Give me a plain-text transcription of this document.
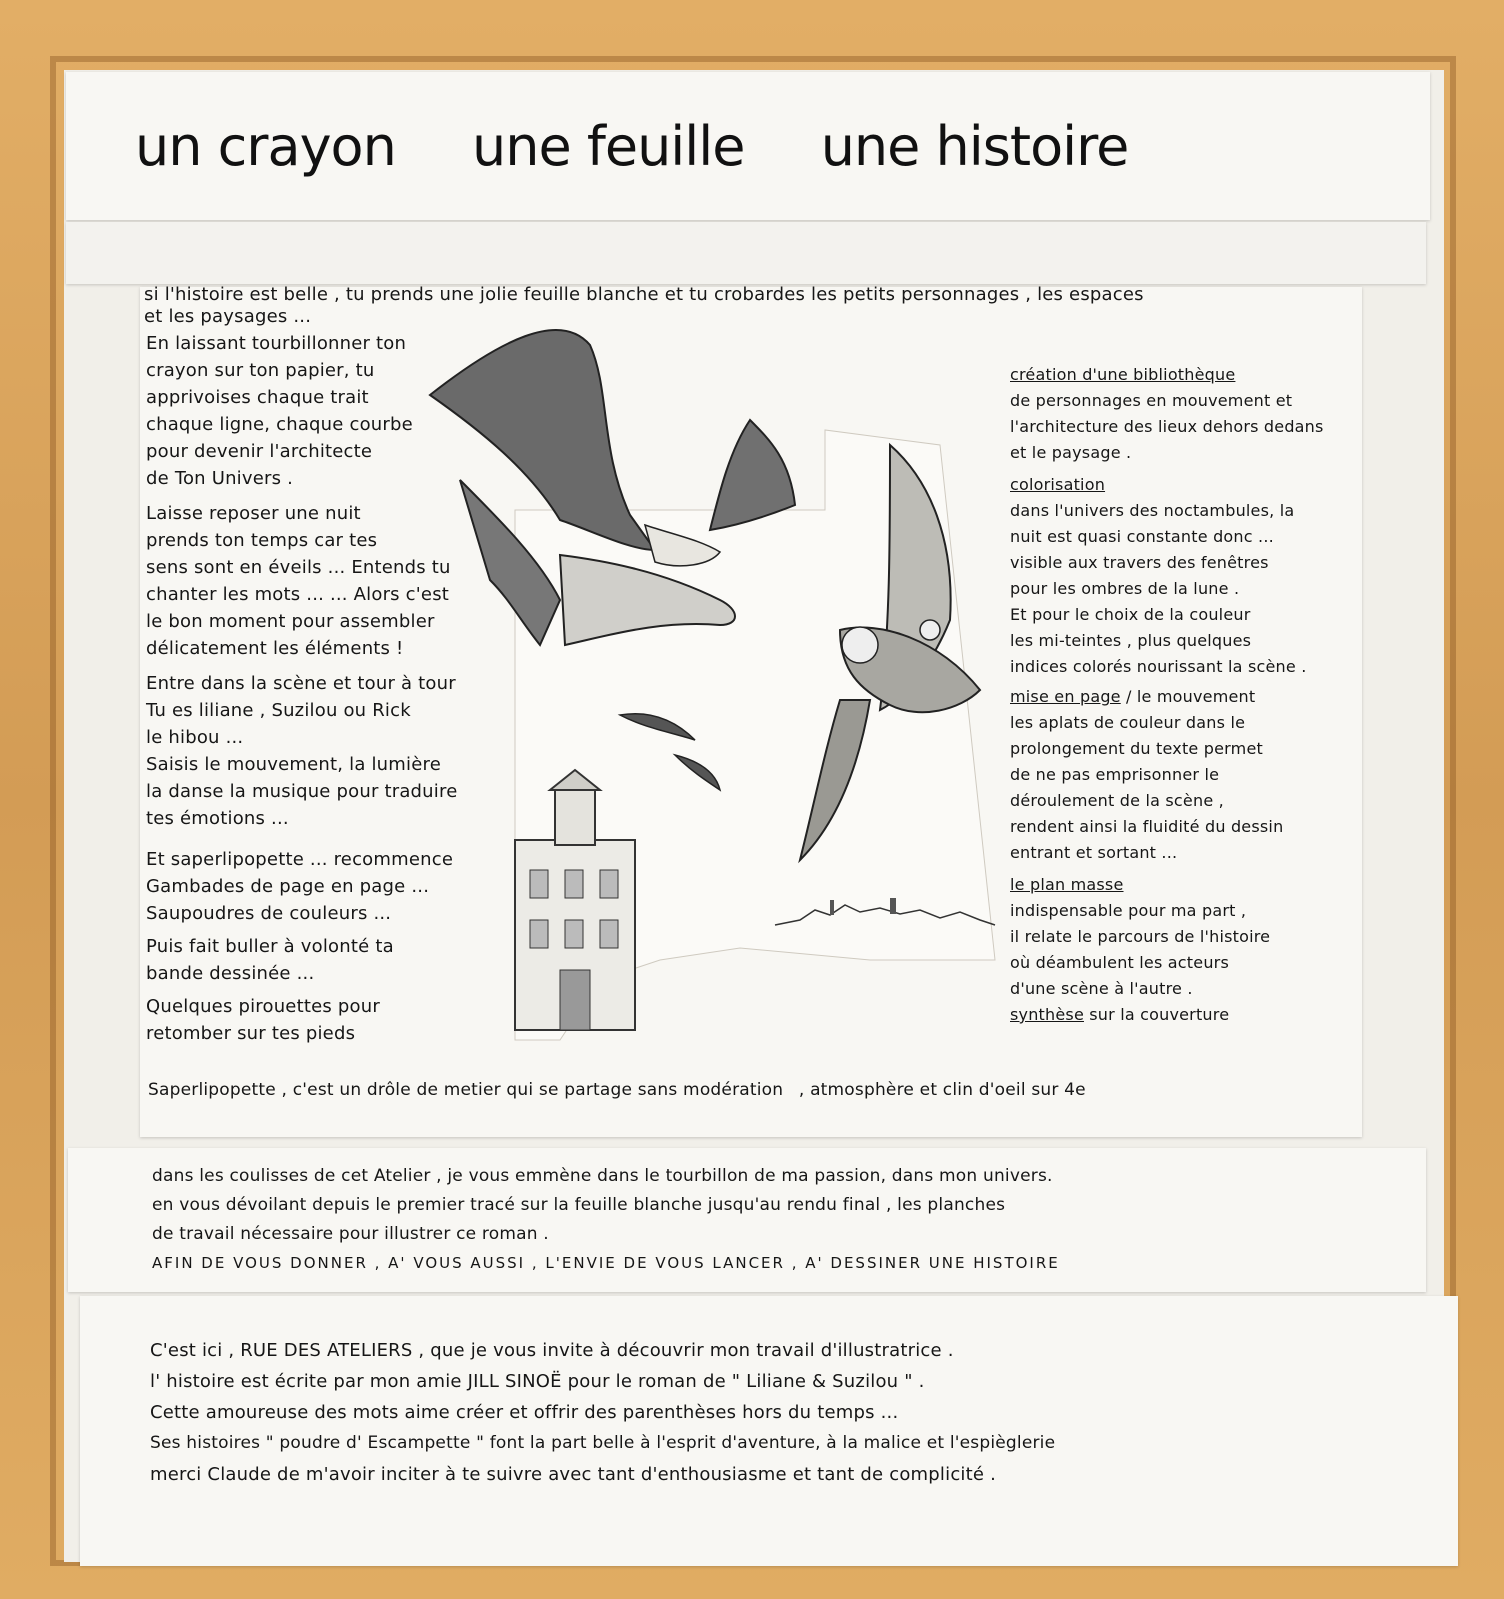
un crayon une feuille une histoire
si l'histoire est belle , tu prends une jolie feuille blanche et tu crobardes les petits personnages , les espaces
et les paysages ...
En laissant tourbillonner ton
crayon sur ton papier, tu
apprivoises chaque trait
chaque ligne, chaque courbe
pour devenir l'architecte
de Ton Univers .
Laisse reposer une nuit
prends ton temps car tes
sens sont en éveils ... Entends tu
chanter les mots ... ... Alors c'est
le bon moment pour assembler
délicatement les éléments !
Entre dans la scène et tour à tour
Tu es liliane , Suzilou ou Rick
le hibou ...
Saisis le mouvement, la lumière
la danse la musique pour traduire
tes émotions ...
Et saperlipopette ... recommence
Gambades de page en page ...
Saupoudres de couleurs ...
Puis fait buller à volonté ta
bande dessinée ...
Quelques pirouettes pour
retomber sur tes pieds
création d'une bibliothèque
de personnages en mouvement et
l'architecture des lieux dehors dedans
et le paysage .
colorisation
dans l'univers des noctambules, la
nuit est quasi constante donc ...
visible aux travers des fenêtres
pour les ombres de la lune .
Et pour le choix de la couleur
les mi-teintes , plus quelques
indices colorés nourissant la scène .
mise en page / le mouvement
les aplats de couleur dans le
prolongement du texte permet
de ne pas emprisonner le
déroulement de la scène ,
rendent ainsi la fluidité du dessin
entrant et sortant ...
le plan masse
indispensable pour ma part ,
il relate le parcours de l'histoire
où déambulent les acteurs
d'une scène à l'autre .
synthèse sur la couverture
Saperlipopette , c'est un drôle de metier qui se partage sans modération , atmosphère et clin d'oeil sur 4e
dans les coulisses de cet Atelier , je vous emmène dans le tourbillon de ma passion, dans mon univers.
en vous dévoilant depuis le premier tracé sur la feuille blanche jusqu'au rendu final , les planches
de travail nécessaire pour illustrer ce roman .
AFIN DE VOUS DONNER , A' VOUS AUSSI , L'ENVIE DE VOUS LANCER , A' DESSINER UNE HISTOIRE
C'est ici , RUE DES ATELIERS , que je vous invite à découvrir mon travail d'illustratrice .
l' histoire est écrite par mon amie JILL SINOË pour le roman de " Liliane & Suzilou " .
Cette amoureuse des mots aime créer et offrir des parenthèses hors du temps ...
Ses histoires " poudre d' Escampette " font la part belle à l'esprit d'aventure, à la malice et l'espièglerie
merci Claude de m'avoir inciter à te suivre avec tant d'enthousiasme et tant de complicité .
